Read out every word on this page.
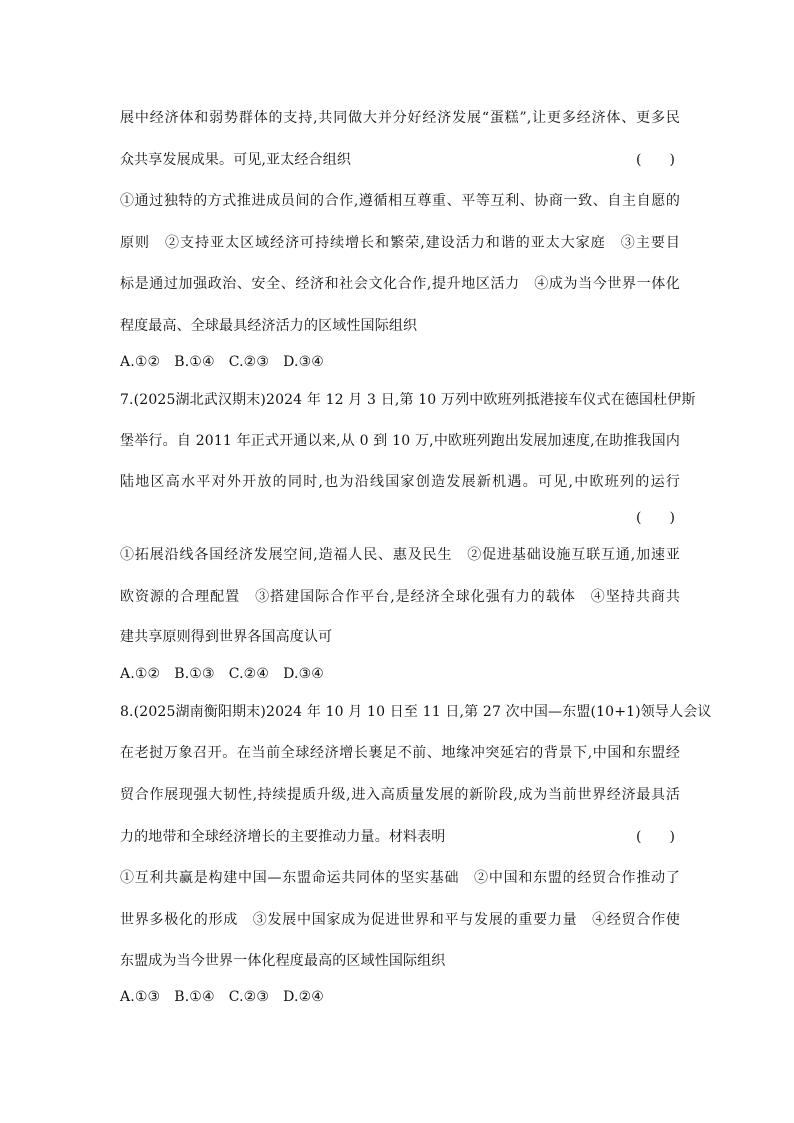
展中经济体和弱势群体的支持,共同做大并分好经济发展“蛋糕”,让更多经济体、更多民
众共享发展成果。可见,亚太经合组织	(　　)
①通过独特的方式推进成员间的合作,遵循相互尊重、平等互利、协商一致、自主自愿的
原则　②支持亚太区域经济可持续增长和繁荣,建设活力和谐的亚太大家庭　③主要目
标是通过加强政治、安全、经济和社会文化合作,提升地区活力　④成为当今世界一体化
程度最高、全球最具经济活力的区域性国际组织
A.①② B.①④ C.②③ D.③④
7.(2025湖北武汉期末)2024 年 12 月 3 日,第 10 万列中欧班列抵港接车仪式在德国杜伊斯
堡举行。自 2011 年正式开通以来,从 0 到 10 万,中欧班列跑出发展加速度,在助推我国内
陆地区高水平对外开放的同时,也为沿线国家创造发展新机遇。可见,中欧班列的运行
(　　)
①拓展沿线各国经济发展空间,造福人民、惠及民生　②促进基础设施互联互通,加速亚
欧资源的合理配置　③搭建国际合作平台,是经济全球化强有力的载体　④坚持共商共
建共享原则得到世界各国高度认可
A.①② B.①③ C.②④ D.③④
8.(2025湖南衡阳期末)2024 年 10 月 10 日至 11 日,第 27 次中国—东盟(10+1)领导人会议
在老挝万象召开。在当前全球经济增长裹足不前、地缘冲突延宕的背景下,中国和东盟经
贸合作展现强大韧性,持续提质升级,进入高质量发展的新阶段,成为当前世界经济最具活
力的地带和全球经济增长的主要推动力量。材料表明	(　　)
①互利共赢是构建中国—东盟命运共同体的坚实基础　②中国和东盟的经贸合作推动了
世界多极化的形成　③发展中国家成为促进世界和平与发展的重要力量　④经贸合作使
东盟成为当今世界一体化程度最高的区域性国际组织
A.①③ B.①④ C.②③ D.②④
